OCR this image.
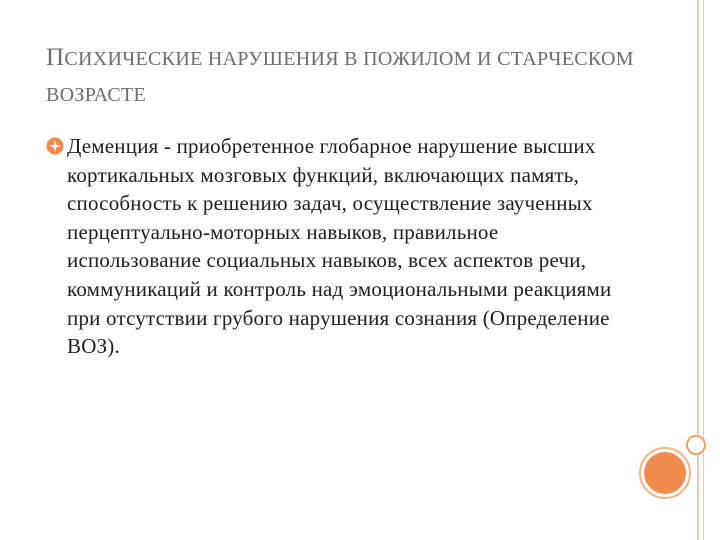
ПСИХИЧЕСКИЕ НАРУШЕНИЯ В ПОЖИЛОМ И СТАРЧЕСКОМ ВОЗРАСТЕ

Деменция - приобретенное глобарное нарушение высших кортикальных мозговых функций, включающих память, способность к решению задач, осуществление заученных перцептуально-моторных навыков, правильное использование социальных навыков, всех аспектов речи, коммуникаций и контроль над эмоциональными реакциями при отсутствии грубого нарушения сознания (Определение ВОЗ).
